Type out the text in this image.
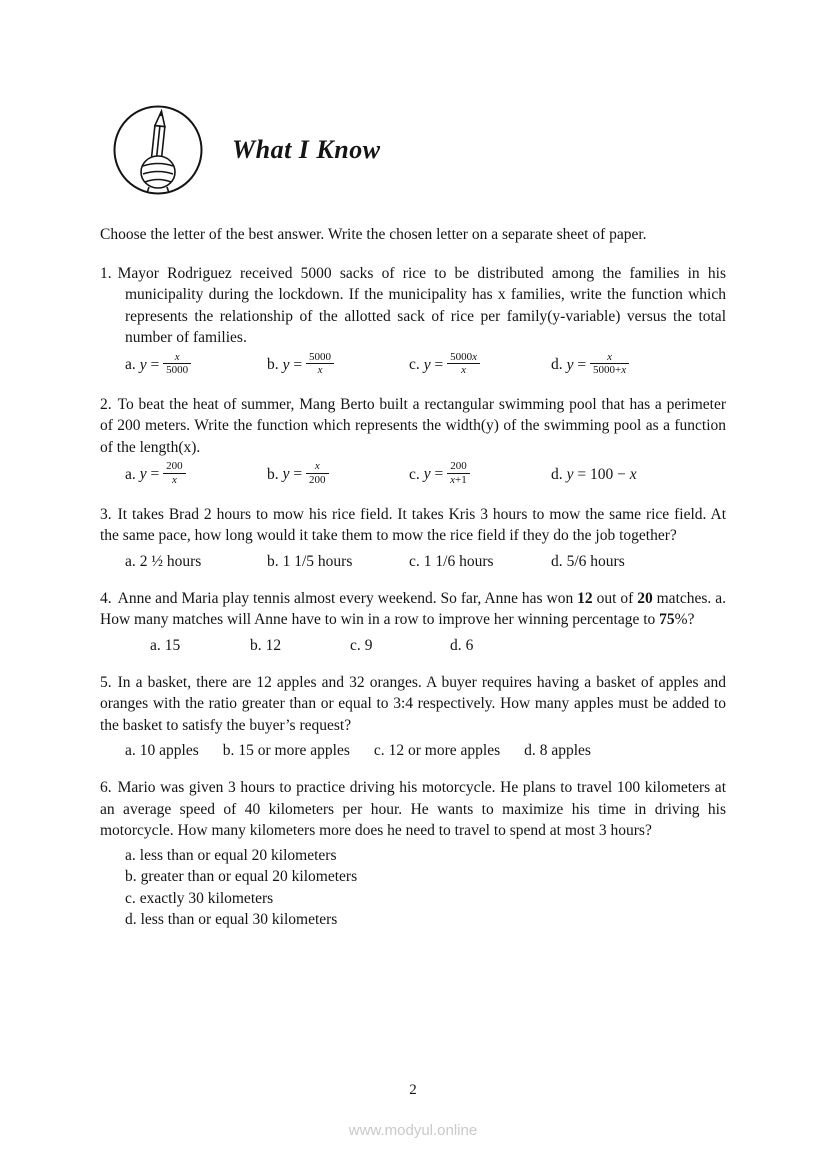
What I Know

Choose the letter of the best answer. Write the chosen letter on a separate sheet of paper.

1. Mayor Rodriguez received 5000 sacks of rice to be distributed among the families in his municipality during the lockdown. If the municipality has x families, write the function which represents the relationship of the allotted sack of rice per family(y-variable) versus the total number of families.

a. $y = \frac{x}{5000}$	b. $y = \frac{5000}{x}$	c. $y = \frac{5000x}{x}$	d. $y = \frac{x}{5000+x}$

2. To beat the heat of summer, Mang Berto built a rectangular swimming pool that has a perimeter of 200 meters. Write the function which represents the width(y) of the swimming pool as a function of the length(x).

a. $y = \frac{200}{x}$	b. $y = \frac{x}{200}$	c. $y = \frac{200}{x+1}$	d. y = 100 − x

3. It takes Brad 2 hours to mow his rice field. It takes Kris 3 hours to mow the same rice field. At the same pace, how long would it take them to mow the rice field if they do the job together?

a. 2 ½ hours	b. 1 1/5 hours	c. 1 1/6 hours	d. 5/6 hours

4. Anne and Maria play tennis almost every weekend. So far, Anne has won 12 out of 20 matches. a. How many matches will Anne have to win in a row to improve her winning percentage to 75%?

a. 15	b. 12	c. 9	d. 6

5. In a basket, there are 12 apples and 32 oranges. A buyer requires having a basket of apples and oranges with the ratio greater than or equal to 3:4 respectively. How many apples must be added to the basket to satisfy the buyer’s request?

a. 10 apples b. 15 or more apples c. 12 or more apples d. 8 apples

6. Mario was given 3 hours to practice driving his motorcycle. He plans to travel 100 kilometers at an average speed of 40 kilometers per hour. He wants to maximize his time in driving his motorcycle. How many kilometers more does he need to travel to spend at most 3 hours?

a. less than or equal 20 kilometers
b. greater than or equal 20 kilometers
c. exactly 30 kilometers
d. less than or equal 30 kilometers
2
www.modyul.online
